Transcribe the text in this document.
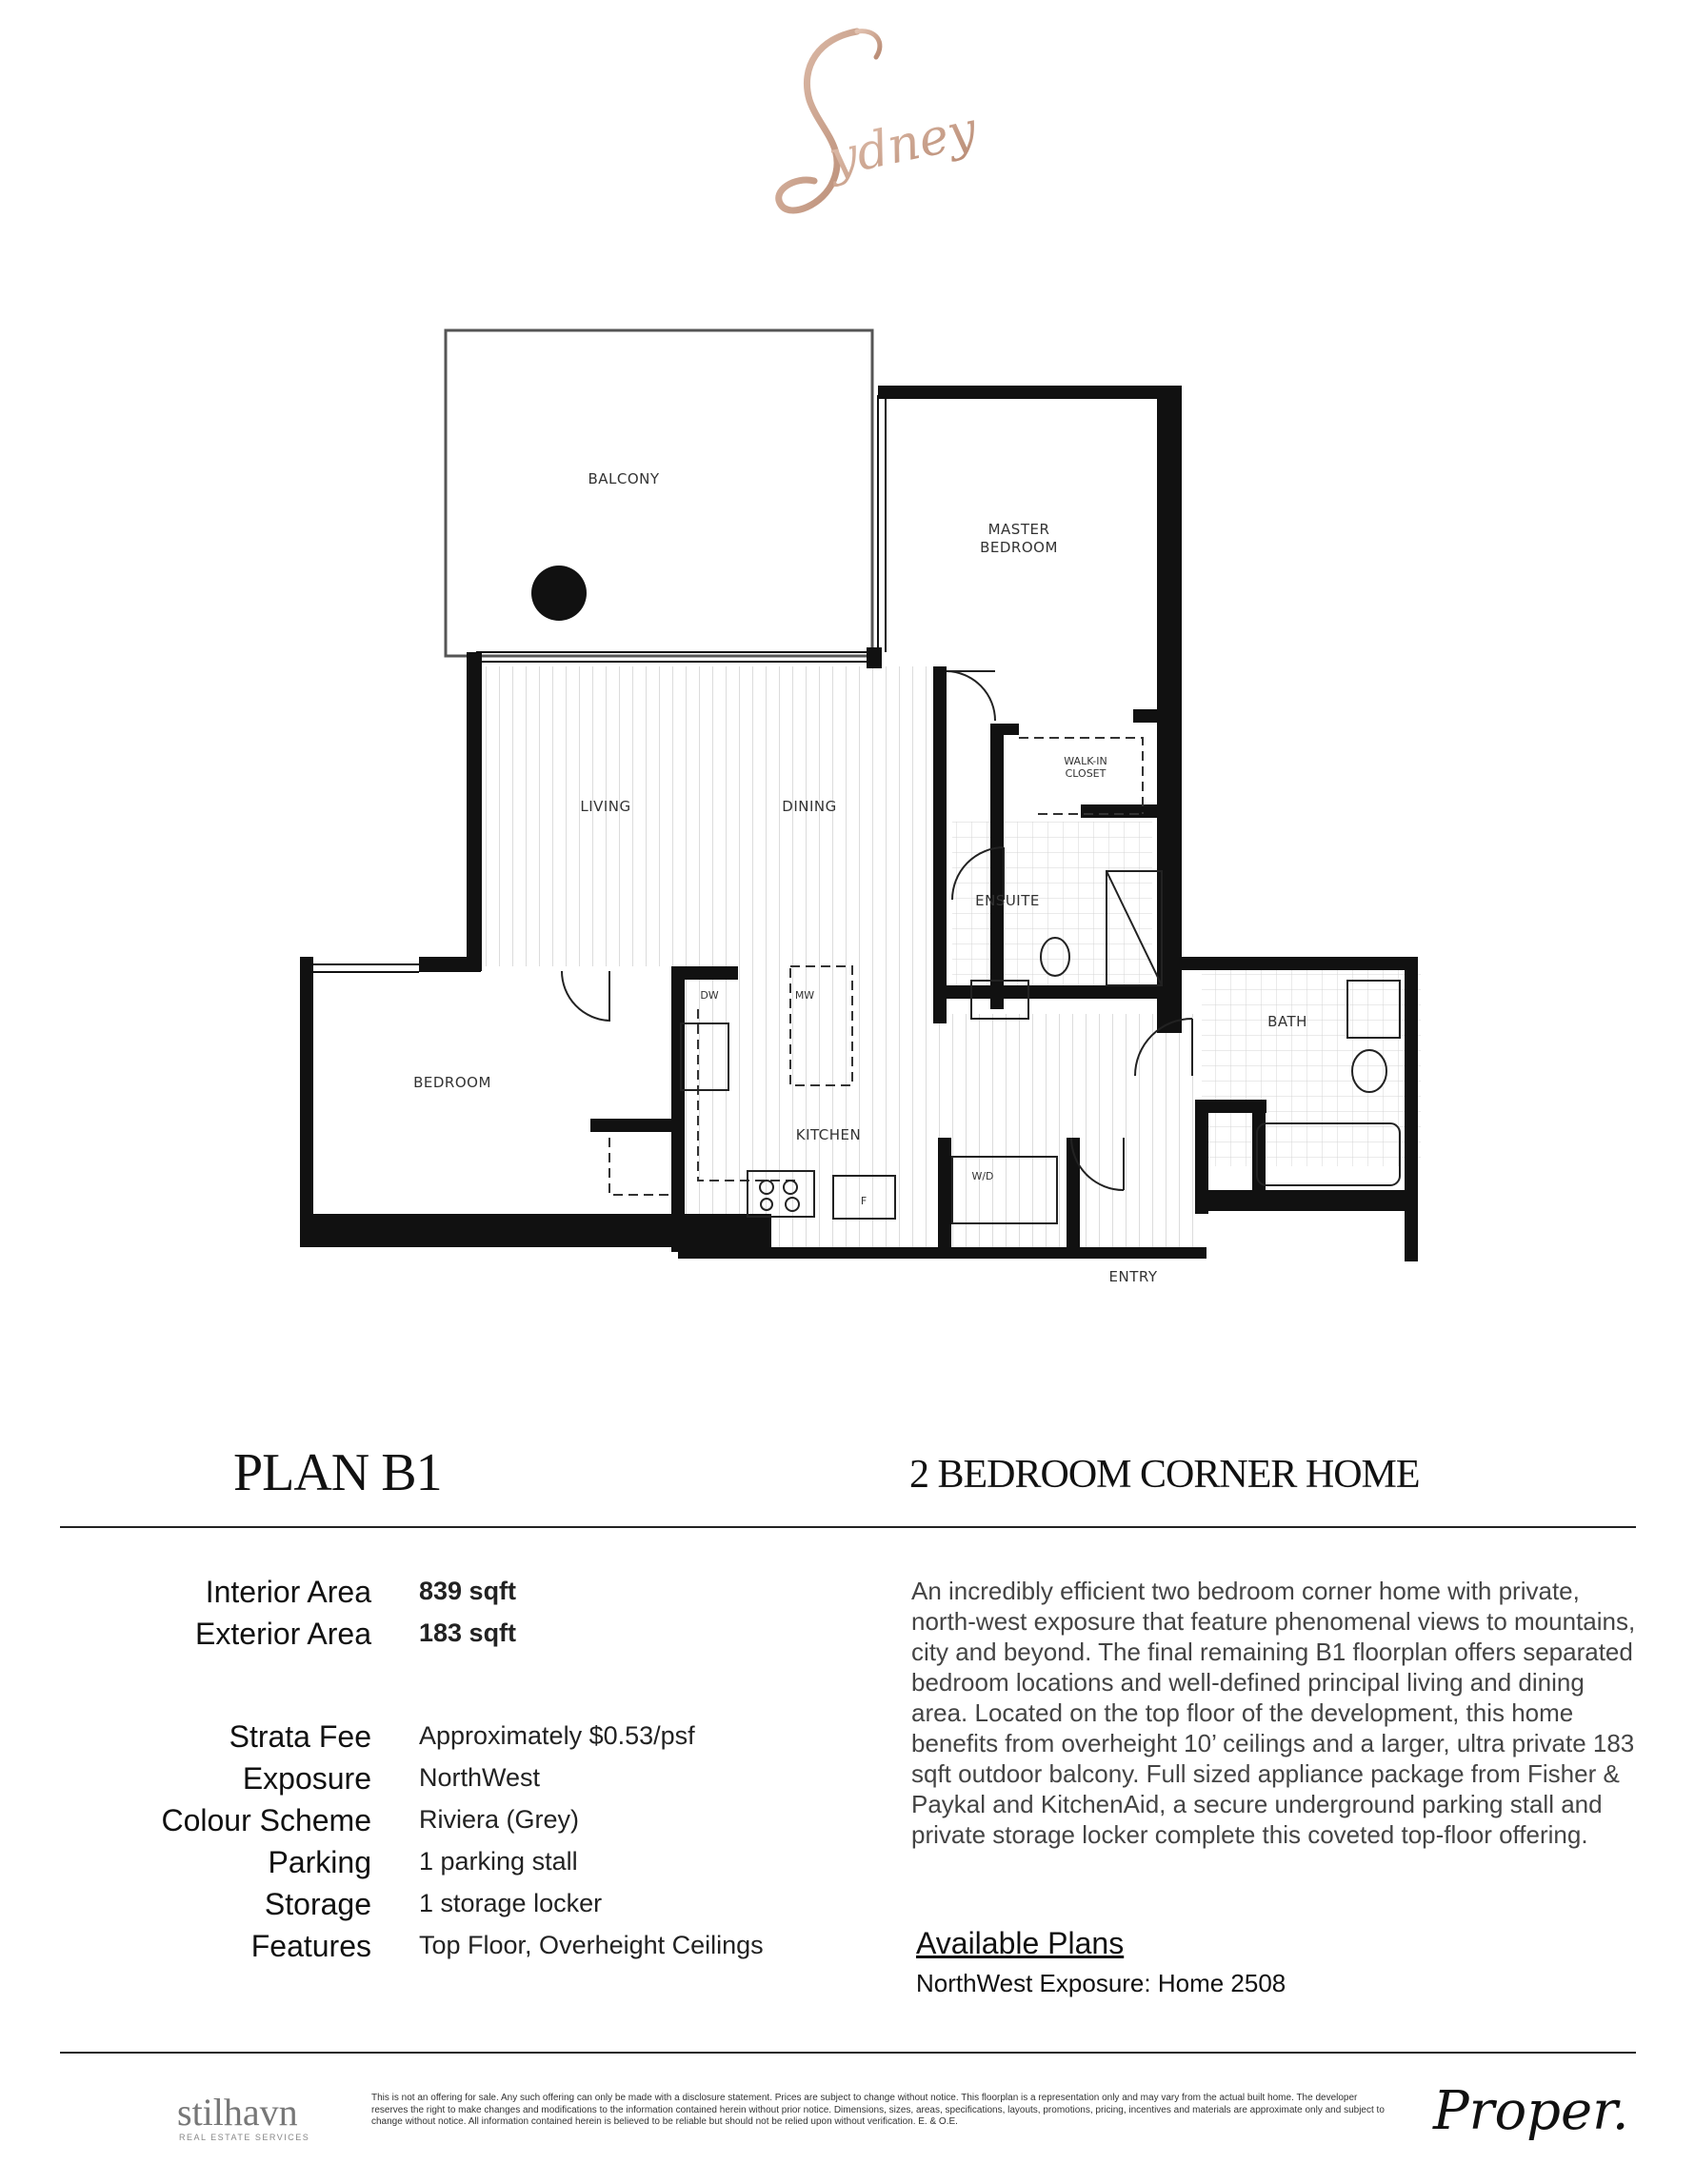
ydney
BALCONY
MASTER
BEDROOM
WALK-IN
CLOSET
LIVING	DINING
ENSUITE
BATH
BEDROOM
KITCHEN
DW	MW
W/D
F
ENTRY
PLAN B1	2 BEDROOM CORNER HOME
Interior Area 839 sqft
Exterior Area 183 sqft
Strata Fee Approximately $0.53/psf
Exposure NorthWest
Colour Scheme Riviera (Grey)
Parking 1 parking stall
Storage 1 storage locker
Features Top Floor, Overheight Ceilings
An incredibly efficient two bedroom corner home with private, north-west exposure that feature phenomenal views to mountains, city and beyond. The final remaining B1 floorplan offers separated bedroom locations and well-defined principal living and dining area. Located on the top floor of the development, this home benefits from overheight 10’ ceilings and a larger, ultra private 183 sqft outdoor balcony. Full sized appliance package from Fisher & Paykal and KitchenAid, a secure underground parking stall and private storage locker complete this coveted top-floor offering.
Available Plans
NorthWest Exposure: Home 2508
stilhavn
REAL ESTATE SERVICES
This is not an offering for sale. Any such offering can only be made with a disclosure statement. Prices are subject to change without notice. This floorplan is a representation only and may vary from the actual built home. The developer reserves the right to make changes and modifications to the information contained herein without prior notice. Dimensions, sizes, areas, specifications, layouts, promotions, pricing, incentives and materials are approximate only and subject to change without notice. All information contained herein is believed to be reliable but should not be relied upon without verification. E. & O.E.	Proper.
